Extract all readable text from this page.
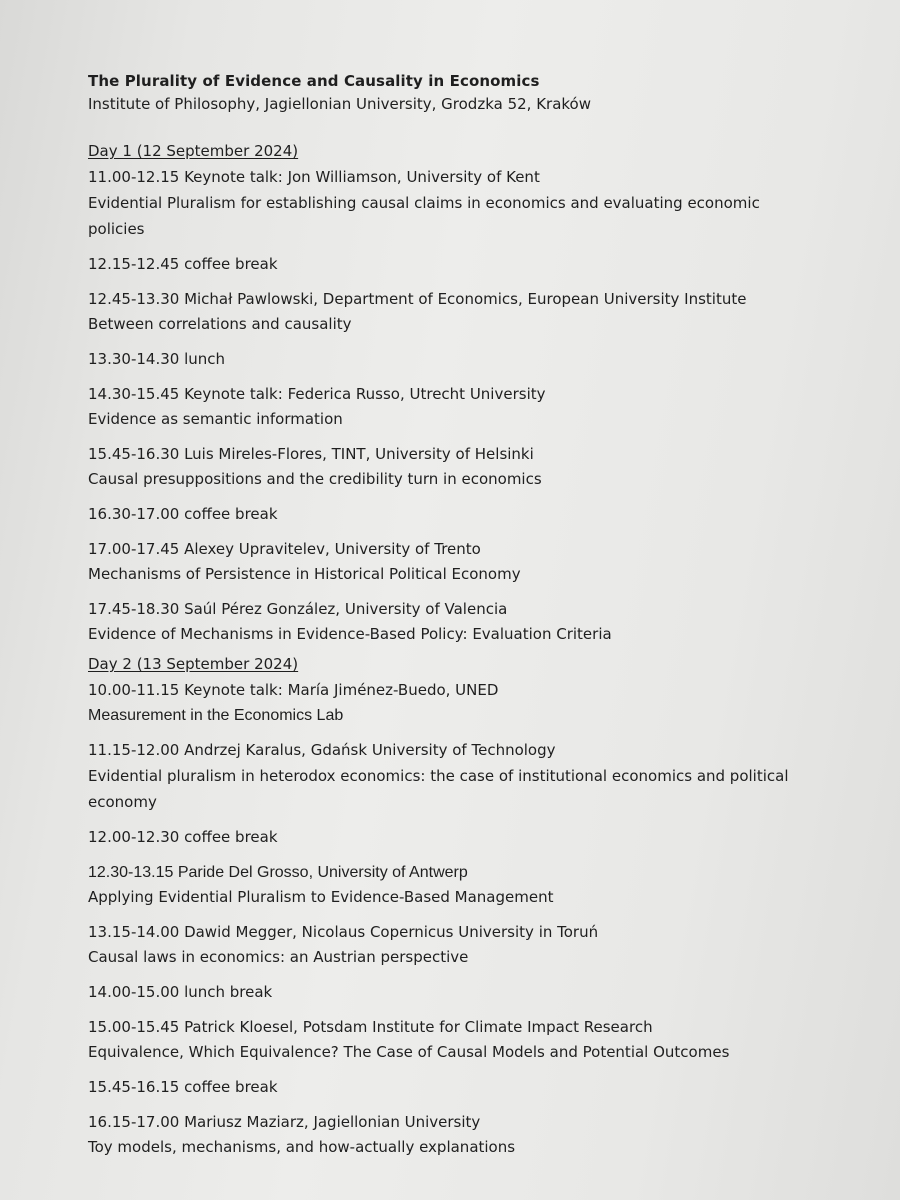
The Plurality of Evidence and Causality in Economics
Institute of Philosophy, Jagiellonian University, Grodzka 52, Kraków
Day 1 (12 September 2024)
11.00-12.15 Keynote talk: Jon Williamson, University of Kent
Evidential Pluralism for establishing causal claims in economics and evaluating economic policies
12.15-12.45 coffee break
12.45-13.30 Michał Pawlowski, Department of Economics, European University Institute
Between correlations and causality
13.30-14.30 lunch
14.30-15.45 Keynote talk: Federica Russo, Utrecht University
Evidence as semantic information
15.45-16.30 Luis Mireles-Flores, TINT, University of Helsinki
Causal presuppositions and the credibility turn in economics
16.30-17.00 coffee break
17.00-17.45 Alexey Upravitelev, University of Trento
Mechanisms of Persistence in Historical Political Economy
17.45-18.30 Saúl Pérez González, University of Valencia
Evidence of Mechanisms in Evidence-Based Policy: Evaluation Criteria
Day 2 (13 September 2024)
10.00-11.15 Keynote talk: María Jiménez-Buedo, UNED
Measurement in the Economics Lab
11.15-12.00 Andrzej Karalus, Gdańsk University of Technology
Evidential pluralism in heterodox economics: the case of institutional economics and political economy
12.00-12.30 coffee break
12.30-13.15 Paride Del Grosso, University of Antwerp
Applying Evidential Pluralism to Evidence-Based Management
13.15-14.00 Dawid Megger, Nicolaus Copernicus University in Toruń
Causal laws in economics: an Austrian perspective
14.00-15.00 lunch break
15.00-15.45 Patrick Kloesel, Potsdam Institute for Climate Impact Research
Equivalence, Which Equivalence? The Case of Causal Models and Potential Outcomes
15.45-16.15 coffee break
16.15-17.00 Mariusz Maziarz, Jagiellonian University
Toy models, mechanisms, and how-actually explanations
